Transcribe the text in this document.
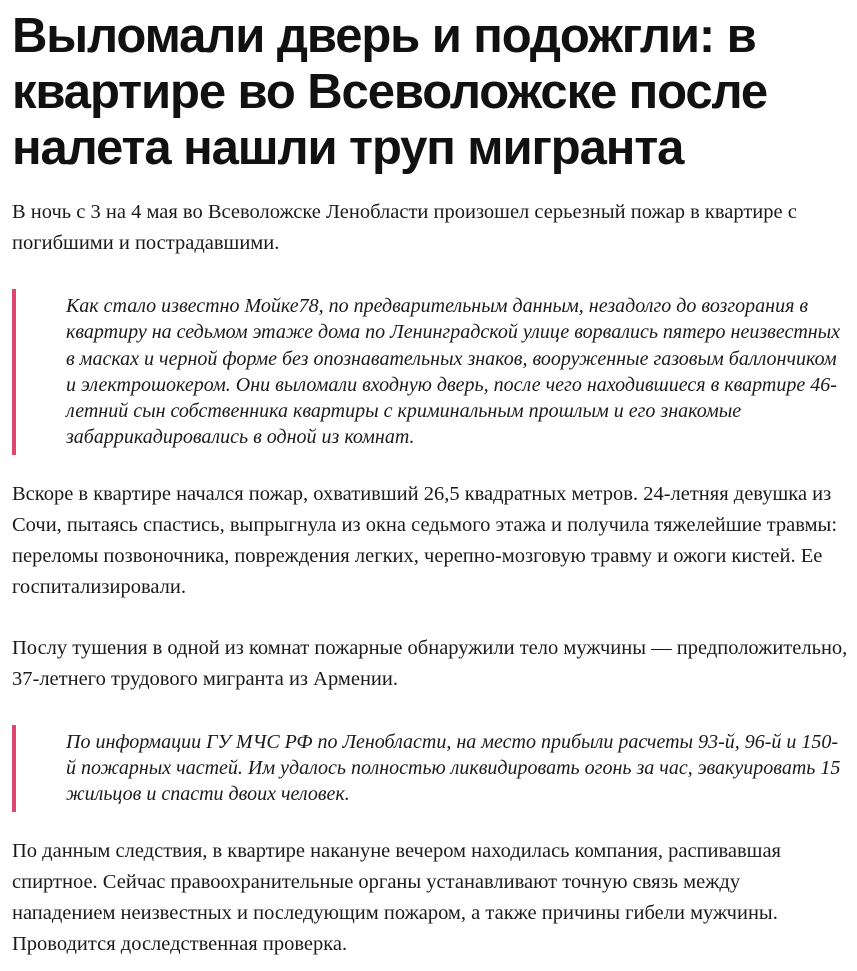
Выломали дверь и подожгли: в квартире во Всеволожске после налета нашли труп мигранта

В ночь с 3 на 4 мая во Всеволожске Ленобласти произошел серьезный пожар в квартире с погибшими и пострадавшими.

Как стало известно Мойке78, по предварительным данным, незадолго до возгорания в квартиру на седьмом этаже дома по Ленинградской улице ворвались пятеро неизвестных в масках и черной форме без опознавательных знаков, вооруженные газовым баллончиком и электрошокером. Они выломали входную дверь, после чего находившиеся в квартире 46-летний сын собственника квартиры с криминальным прошлым и его знакомые забаррикадировались в одной из комнат.

Вскоре в квартире начался пожар, охвативший 26,5 квадратных метров. 24-летняя девушка из Сочи, пытаясь спастись, выпрыгнула из окна седьмого этажа и получила тяжелейшие травмы: переломы позвоночника, повреждения легких, черепно-мозговую травму и ожоги кистей. Ее госпитализировали.

Послу тушения в одной из комнат пожарные обнаружили тело мужчины — предположительно, 37-летнего трудового мигранта из Армении.

По информации ГУ МЧС РФ по Ленобласти, на место прибыли расчеты 93-й, 96-й и 150-й пожарных частей. Им удалось полностью ликвидировать огонь за час, эвакуировать 15 жильцов и спасти двоих человек.

По данным следствия, в квартире накануне вечером находилась компания, распивавшая спиртное. Сейчас правоохранительные органы устанавливают точную связь между нападением неизвестных и последующим пожаром, а также причины гибели мужчины. Проводится доследственная проверка.
